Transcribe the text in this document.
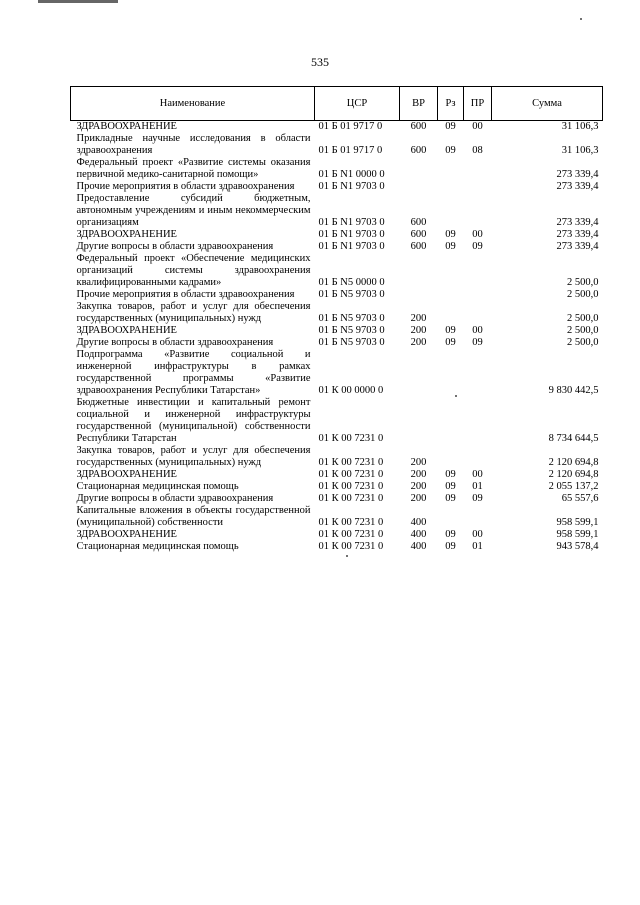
535
Наименование	ЦСР	ВР	Рз	ПР	Сумма
ЗДРАВООХРАНЕНИЕ	01 Б 01 9717 0	600	09	00	31 106,3
Прикладные научные исследования в области здравоохранения	01 Б 01 9717 0	600	09	08	31 106,3
Федеральный проект «Развитие системы оказания первичной медико-санитарной помощи»	01 Б N1 0000 0				273 339,4
Прочие мероприятия в области здравоохранения	01 Б N1 9703 0				273 339,4
Предоставление субсидий бюджетным, автономным учреждениям и иным некоммерческим организациям	01 Б N1 9703 0	600			273 339,4
ЗДРАВООХРАНЕНИЕ	01 Б N1 9703 0	600	09	00	273 339,4
Другие вопросы в области здравоохранения	01 Б N1 9703 0	600	09	09	273 339,4
Федеральный проект «Обеспечение медицинских организаций системы здравоохранения квалифицированными кадрами»	01 Б N5 0000 0				2 500,0
Прочие мероприятия в области здравоохранения	01 Б N5 9703 0				2 500,0
Закупка товаров, работ и услуг для обеспечения государственных (муниципальных) нужд	01 Б N5 9703 0	200			2 500,0
ЗДРАВООХРАНЕНИЕ	01 Б N5 9703 0	200	09	00	2 500,0
Другие вопросы в области здравоохранения	01 Б N5 9703 0	200	09	09	2 500,0
Подпрограмма «Развитие социальной и инженерной инфраструктуры в рамках государственной программы «Развитие здравоохранения Республики Татарстан»	01 К 00 0000 0				9 830 442,5
Бюджетные инвестиции и капитальный ремонт социальной и инженерной инфраструктуры государственной (муниципальной) собственности Республики Татарстан	01 К 00 7231 0				8 734 644,5
Закупка товаров, работ и услуг для обеспечения государственных (муниципальных) нужд	01 К 00 7231 0	200			2 120 694,8
ЗДРАВООХРАНЕНИЕ	01 К 00 7231 0	200	09	00	2 120 694,8
Стационарная медицинская помощь	01 К 00 7231 0	200	09	01	2 055 137,2
Другие вопросы в области здравоохранения	01 К 00 7231 0	200	09	09	65 557,6
Капитальные вложения в объекты государственной (муниципальной) собственности	01 К 00 7231 0	400			958 599,1
ЗДРАВООХРАНЕНИЕ	01 К 00 7231 0	400	09	00	958 599,1
Стационарная медицинская помощь	01 К 00 7231 0	400	09	01	943 578,4
